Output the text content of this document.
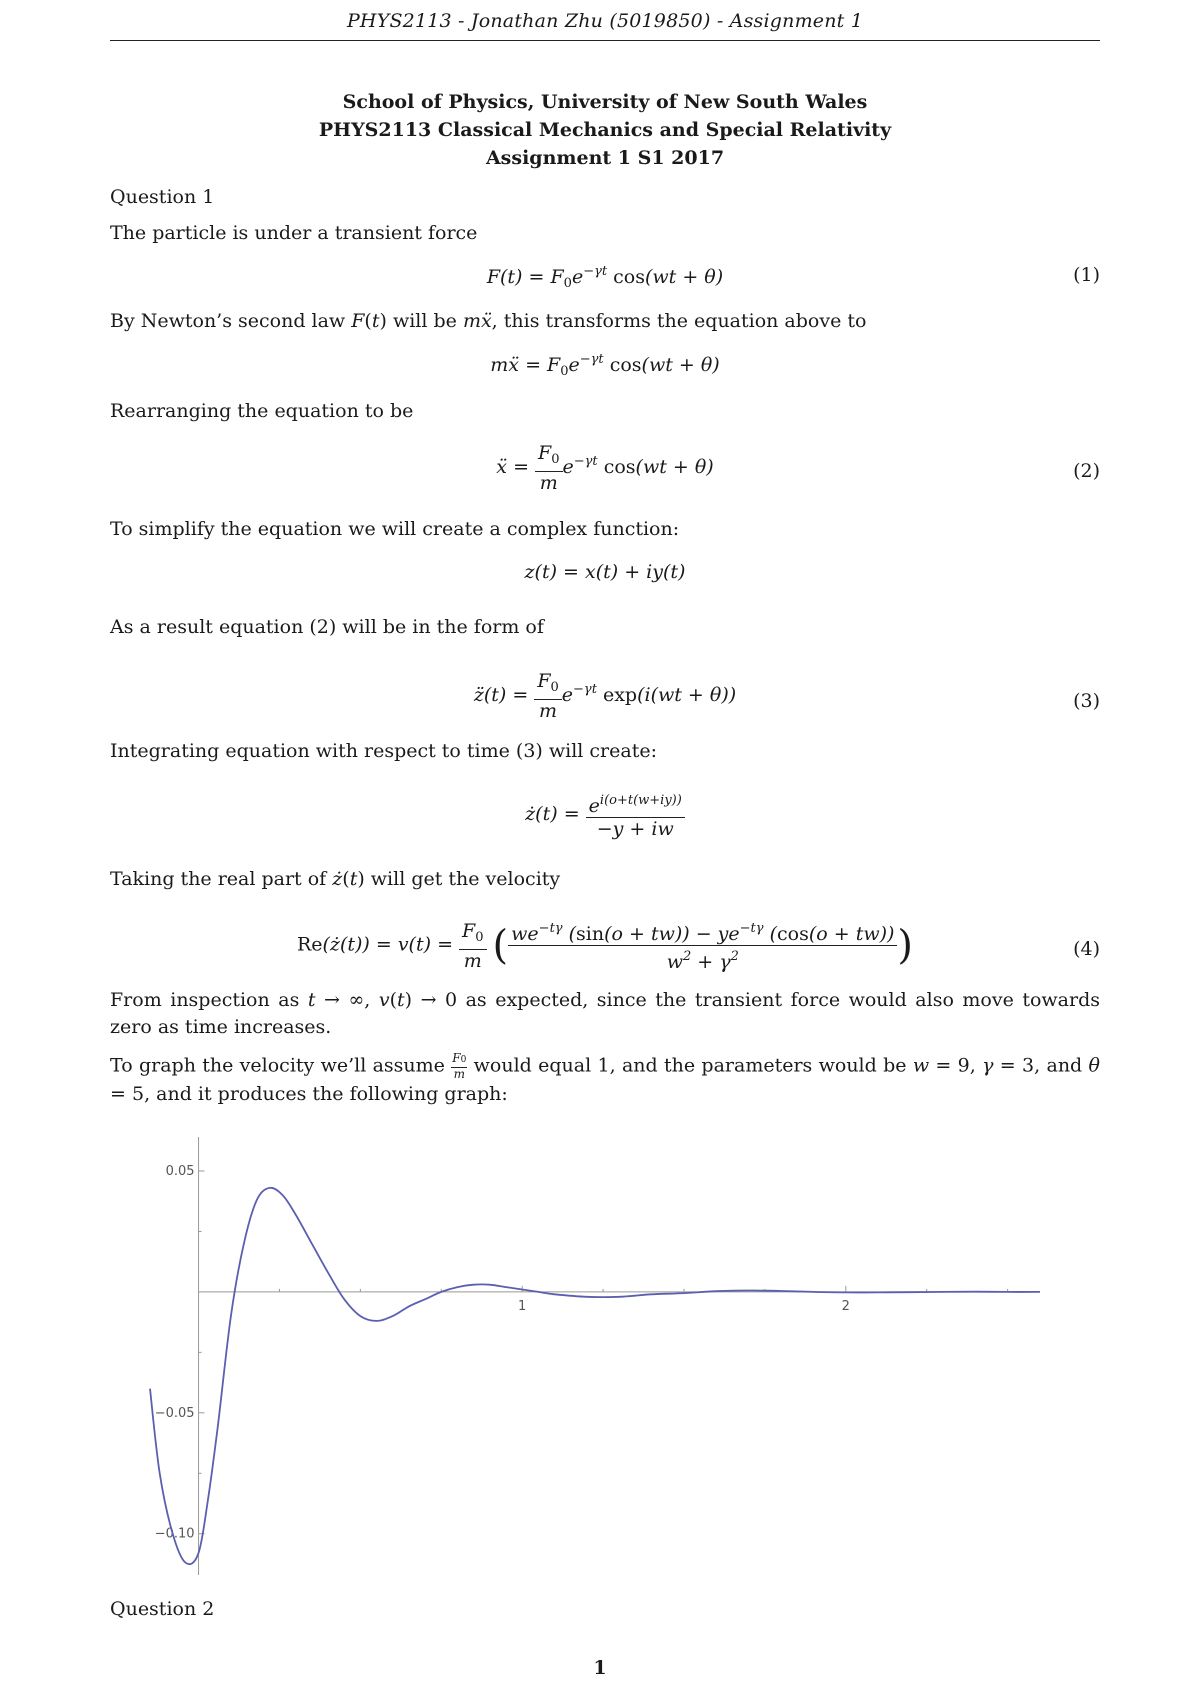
PHYS2113 - Jonathan Zhu (5019850) - Assignment 1
School of Physics, University of New South Wales
PHYS2113 Classical Mechanics and Special Relativity
Assignment 1 S1 2017
Question 1
The particle is under a transient force
$F(t) = F_0e^{-\gamma t}$ cos(wt + θ)	(1)
By Newton’s second law F(t) will be mẍ, this transforms the equation above to
mẍ = $F_0e^{-\gamma t}$ cos(wt + θ)
Rearranging the equation to be
ẍ = $\frac{F_0}{m} e^{-\gamma t}$ cos(wt + θ)	(2)
To simplify the equation we will create a complex function:
z(t) = x(t) + iy(t)
As a result equation (2) will be in the form of
z̈(t) = $\frac{F_0}{m} e^{-\gamma t}$ exp(i(wt + θ))	(3)
Integrating equation with respect to time (3) will create:
ż(t) = $\frac{e^{i(o+t(w+iy))}}{-y + iw}$
Taking the real part of ż(t) will get the velocity
Re(ż(t)) = $v(t) = \frac{F_0}{m}$ ( $\frac{we^{-t\gamma} (\sin(o + tw)) - ye^{-t\gamma} (\cos(o + tw))}{w^2 + \gamma^2}$ )	(4)
From inspection as t → ∞, v(t) → 0 as expected, since the transient force would also move towards zero as time increases.
To graph the velocity we’ll assume $\frac{F0}{m}$ would equal 1, and the parameters would be w = 9, γ = 3, and θ = 5, and it produces the following graph:
1	2
0.05
−0.05
−0.10
Question 2
1
